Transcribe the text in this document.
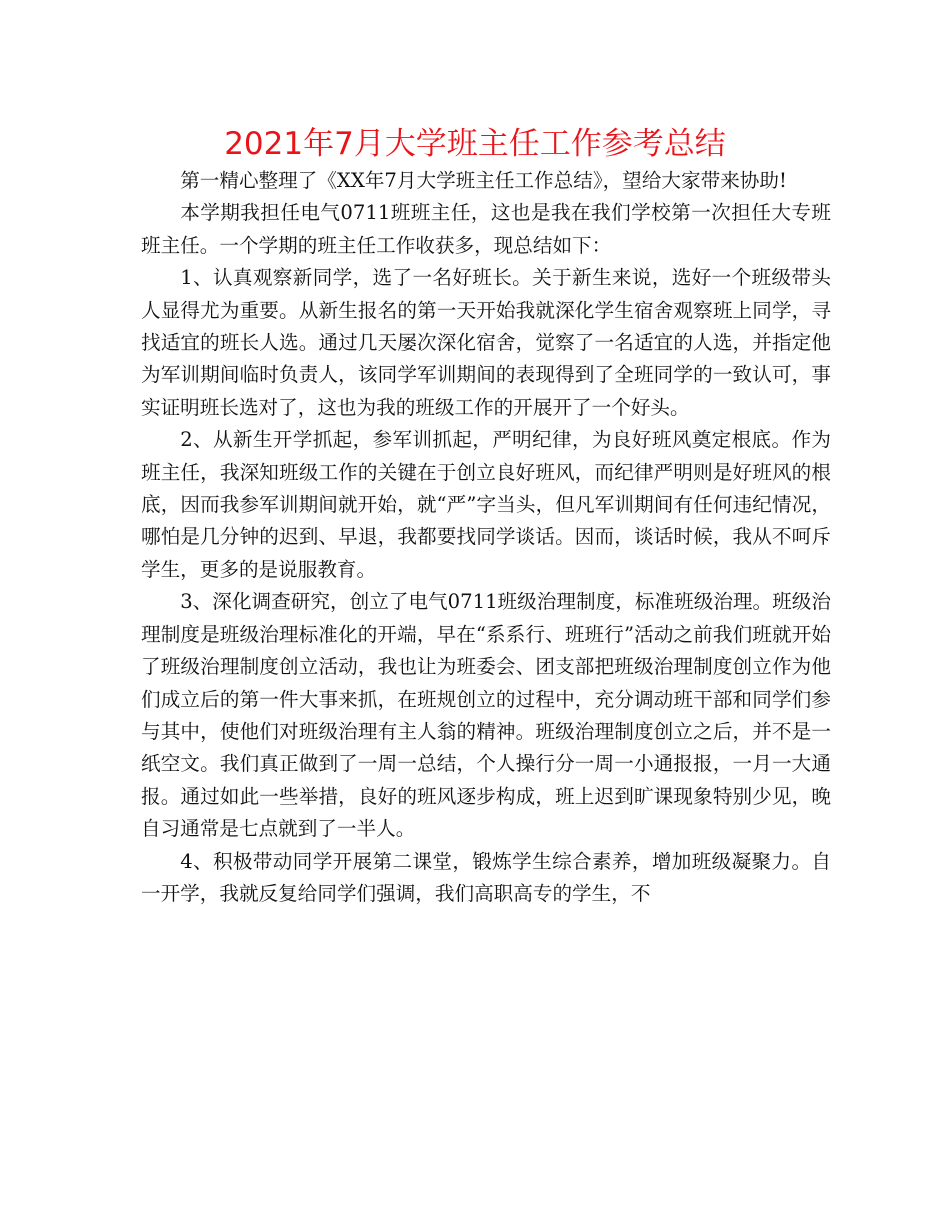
2021年7月大学班主任工作参考总结

第一精心整理了《XX年7月大学班主任工作总结》，望给大家带来协助!

本学期我担任电气0711班班主任，这也是我在我们学校第一次担任大专班班主任。一个学期的班主任工作收获多，现总结如下：

1、认真观察新同学，选了一名好班长。关于新生来说，选好一个班级带头人显得尤为重要。从新生报名的第一天开始我就深化学生宿舍观察班上同学，寻找适宜的班长人选。通过几天屡次深化宿舍，觉察了一名适宜的人选，并指定他为军训期间临时负责人，该同学军训期间的表现得到了全班同学的一致认可，事实证明班长选对了，这也为我的班级工作的开展开了一个好头。

2、从新生开学抓起，参军训抓起，严明纪律，为良好班风奠定根底。作为班主任，我深知班级工作的关键在于创立良好班风，而纪律严明则是好班风的根底，因而我参军训期间就开始，就“严”字当头，但凡军训期间有任何违纪情况，哪怕是几分钟的迟到、早退，我都要找同学谈话。因而，谈话时候，我从不呵斥学生，更多的是说服教育。

3、深化调查研究，创立了电气0711班级治理制度，标准班级治理。班级治理制度是班级治理标准化的开端，早在“系系行、班班行”活动之前我们班就开始了班级治理制度创立活动，我也让为班委会、团支部把班级治理制度创立作为他们成立后的第一件大事来抓，在班规创立的过程中，充分调动班干部和同学们参与其中，使他们对班级治理有主人翁的精神。班级治理制度创立之后，并不是一纸空文。我们真正做到了一周一总结，个人操行分一周一小通报报，一月一大通报。通过如此一些举措，良好的班风逐步构成，班上迟到旷课现象特别少见，晚自习通常是七点就到了一半人。

4、积极带动同学开展第二课堂，锻炼学生综合素养，增加班级凝聚力。自一开学，我就反复给同学们强调，我们高职高专的学生，不
